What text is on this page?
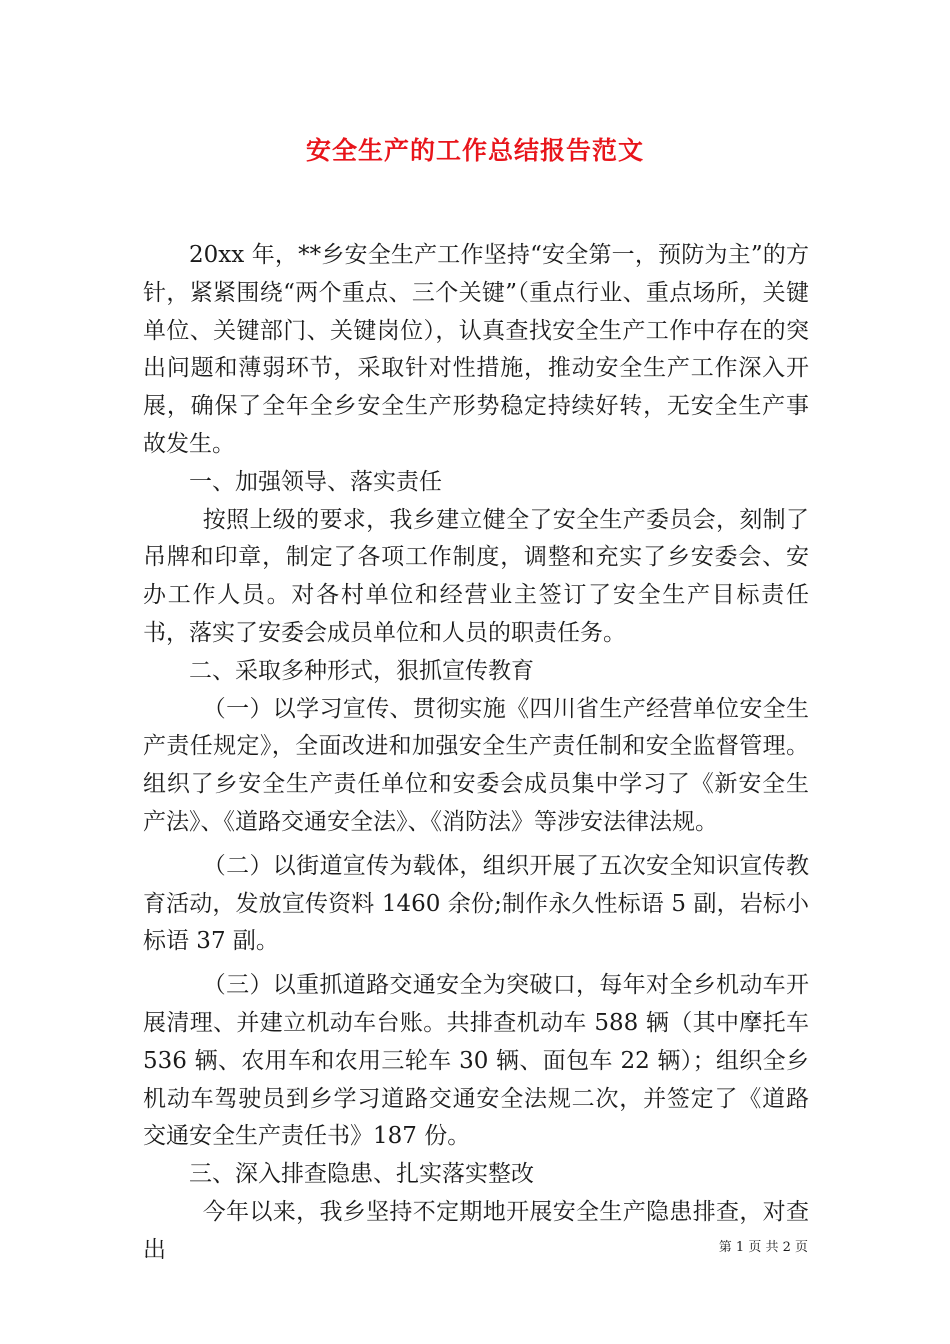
安全生产的工作总结报告范文

20xx 年，**乡安全生产工作坚持“安全第一，预防为主”的方针，紧紧围绕“两个重点、三个关键”（重点行业、重点场所，关键单位、关键部门、关键岗位），认真查找安全生产工作中存在的突出问题和薄弱环节，采取针对性措施，推动安全生产工作深入开展，确保了全年全乡安全生产形势稳定持续好转，无安全生产事故发生。

一、加强领导、落实责任

按照上级的要求，我乡建立健全了安全生产委员会，刻制了吊牌和印章，制定了各项工作制度，调整和充实了乡安委会、安办工作人员。对各村单位和经营业主签订了安全生产目标责任书，落实了安委会成员单位和人员的职责任务。

二、采取多种形式，狠抓宣传教育

（一）以学习宣传、贯彻实施《四川省生产经营单位安全生产责任规定》，全面改进和加强安全生产责任制和安全监督管理。组织了乡安全生产责任单位和安委会成员集中学习了《新安全生产法》、《道路交通安全法》、《消防法》等涉安法律法规。

（二）以街道宣传为载体，组织开展了五次安全知识宣传教育活动，发放宣传资料 1460 余份;制作永久性标语 5 副，岩标小标语 37 副。

（三）以重抓道路交通安全为突破口，每年对全乡机动车开展清理、并建立机动车台账。共排查机动车 588 辆（其中摩托车 536 辆、农用车和农用三轮车 30 辆、面包车 22 辆）；组织全乡机动车驾驶员到乡学习道路交通安全法规二次，并签定了《道路交通安全生产责任书》187 份。

三、深入排查隐患、扎实落实整改

今年以来，我乡坚持不定期地开展安全生产隐患排查，对查出	第 1 页 共 2 页
